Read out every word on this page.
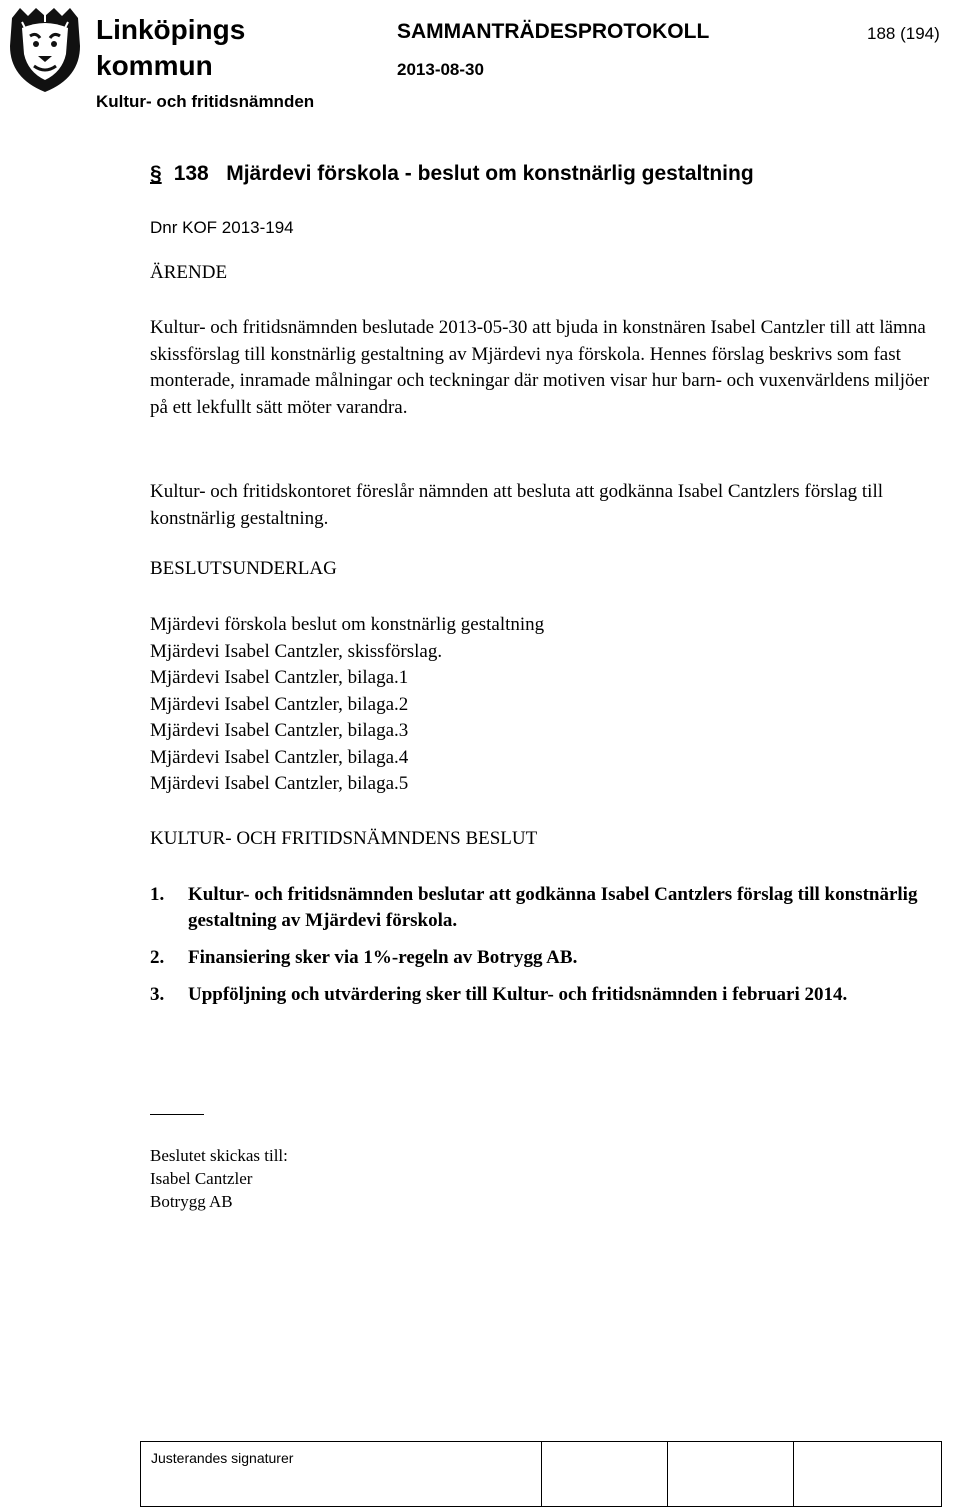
Linköpings
kommun
Kultur- och fritidsnämnden
SAMMANTRÄDESPROTOKOLL
2013-08-30
188 (194)
§ 138   Mjärdevi förskola - beslut om konstnärlig gestaltning
Dnr KOF 2013-194
ÄRENDE
Kultur- och fritidsnämnden beslutade 2013-05-30 att bjuda in konstnären Isabel Cantzler till att lämna skissförslag till konstnärlig gestaltning av Mjärdevi nya förskola. Hennes förslag beskrivs som fast monterade, inramade målningar och teckningar där motiven visar hur barn- och vuxenvärldens miljöer på ett lekfullt sätt möter varandra.
Kultur- och fritidskontoret föreslår nämnden att besluta att godkänna Isabel Cantzlers förslag till konstnärlig gestaltning.
BESLUTSUNDERLAG
Mjärdevi förskola beslut om konstnärlig gestaltning
Mjärdevi Isabel Cantzler, skissförslag.
Mjärdevi Isabel Cantzler, bilaga.1
Mjärdevi Isabel Cantzler, bilaga.2
Mjärdevi Isabel Cantzler, bilaga.3
Mjärdevi Isabel Cantzler, bilaga.4
Mjärdevi Isabel Cantzler, bilaga.5
KULTUR- OCH FRITIDSNÄMNDENS BESLUT
1.	Kultur- och fritidsnämnden beslutar att godkänna Isabel Cantzlers förslag till konstnärlig gestaltning av Mjärdevi förskola.
2.	Finansiering sker via 1%-regeln av Botrygg AB.
3.	Uppföljning och utvärdering sker till Kultur- och fritidsnämnden i februari 2014.
Beslutet skickas till:
Isabel Cantzler
Botrygg AB
Justerandes signaturer
